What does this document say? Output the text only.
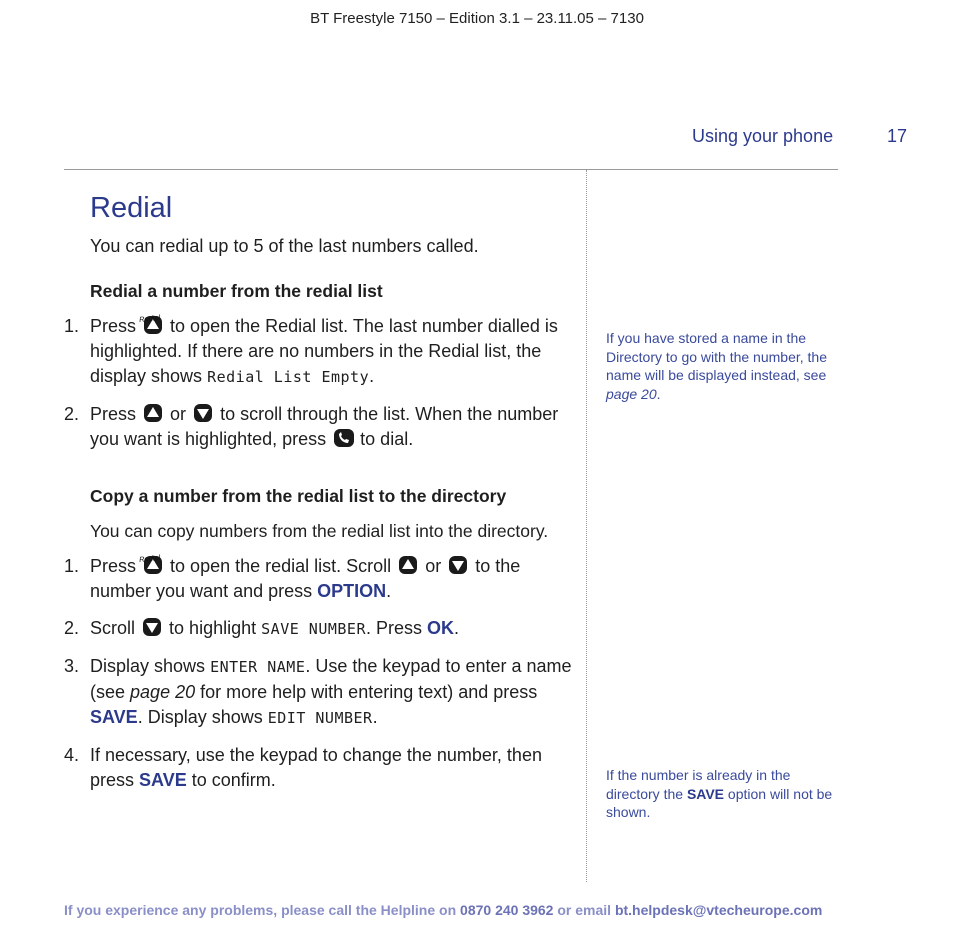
BT Freestyle 7150 – Edition 3.1 – 23.11.05 – 7130
Using your phone	17
Redial

You can redial up to 5 of the last numbers called.

Redial a number from the redial list
1. Press Redial to open the Redial list. The last number dialled is highlighted. If there are no numbers in the Redial list, the display shows Redial List Empty.
2. Press or to scroll through the list. When the number you want is highlighted, press to dial.
Copy a number from the redial list to the directory

You can copy numbers from the redial list into the directory.

1. Press Redial to open the redial list. Scroll or to the number you want and press OPTION.
2. Scroll to highlight SAVE NUMBER. Press OK.
3. Display shows ENTER NAME. Use the keypad to enter a name (see page 20 for more help with entering text) and press SAVE. Display shows EDIT NUMBER.
4. If necessary, use the keypad to change the number, then press SAVE to confirm.
If you have stored a name in the Directory to go with the number, the name will be displayed instead, see page 20.
If the number is already in the directory the SAVE option will not be shown.
If you experience any problems, please call the Helpline on 0870 240 3962 or email bt.helpdesk@vtecheurope.com
